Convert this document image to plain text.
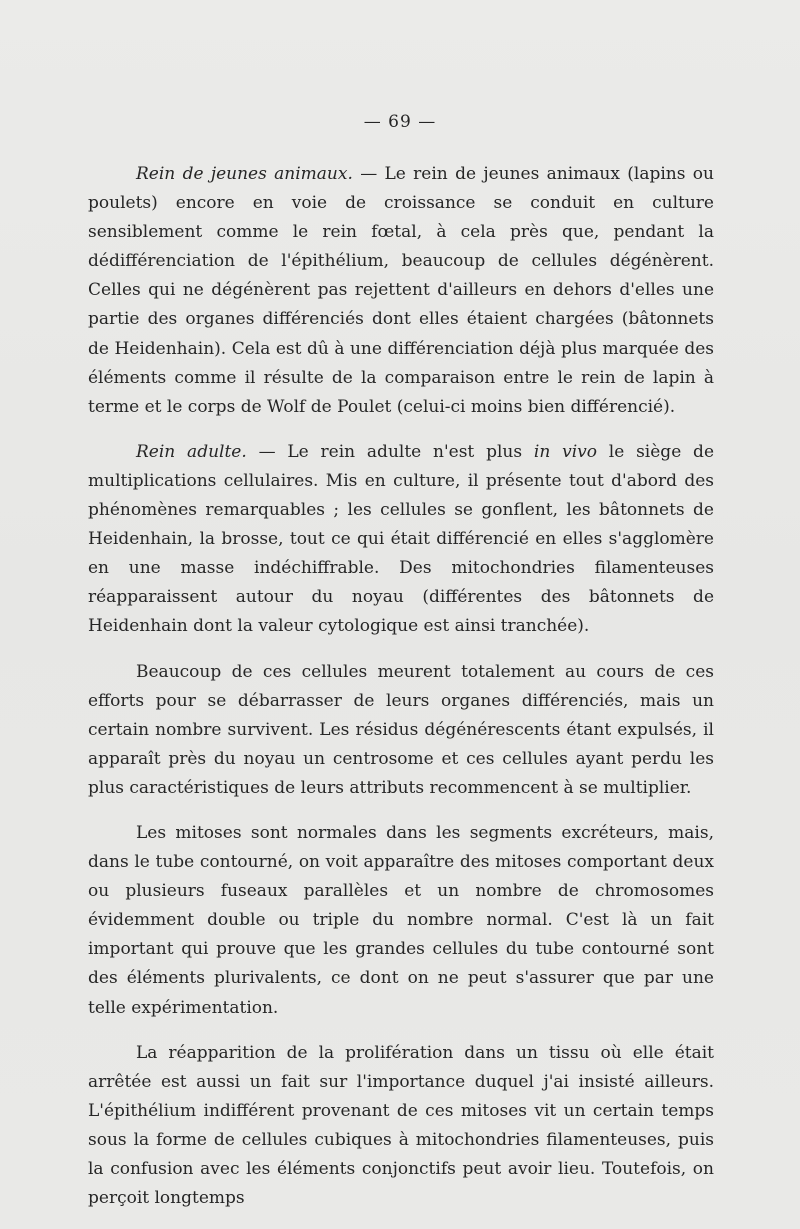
— 69 —

Rein de jeunes animaux. — Le rein de jeunes animaux (lapins ou poulets) encore en voie de croissance se conduit en culture sensiblement comme le rein fœtal, à cela près que, pendant la dédifférenciation de l'épithélium, beaucoup de cellules dégénèrent. Celles qui ne dégénèrent pas rejettent d'ailleurs en dehors d'elles une partie des organes différenciés dont elles étaient chargées (bâtonnets de Heidenhain). Cela est dû à une différenciation déjà plus marquée des éléments comme il résulte de la comparaison entre le rein de lapin à terme et le corps de Wolf de Poulet (celui-ci moins bien différencié).

Rein adulte. — Le rein adulte n'est plus in vivo le siège de multiplications cellulaires. Mis en culture, il présente tout d'abord des phénomènes remarquables ; les cellules se gonflent, les bâtonnets de Heidenhain, la brosse, tout ce qui était différencié en elles s'agglomère en une masse indéchiffrable. Des mitochondries filamenteuses réapparaissent autour du noyau (différentes des bâtonnets de Heidenhain dont la valeur cytologique est ainsi tranchée).

Beaucoup de ces cellules meurent totalement au cours de ces efforts pour se débarrasser de leurs organes différenciés, mais un certain nombre survivent. Les résidus dégénérescents étant expulsés, il apparaît près du noyau un centrosome et ces cellules ayant perdu les plus caractéristiques de leurs attributs recommencent à se multiplier.

Les mitoses sont normales dans les segments excréteurs, mais, dans le tube contourné, on voit apparaître des mitoses comportant deux ou plusieurs fuseaux parallèles et un nombre de chromosomes évidemment double ou triple du nombre normal. C'est là un fait important qui prouve que les grandes cellules du tube contourné sont des éléments plurivalents, ce dont on ne peut s'assurer que par une telle expérimentation.

La réapparition de la prolifération dans un tissu où elle était arrêtée est aussi un fait sur l'importance duquel j'ai insisté ailleurs. L'épithélium indifférent provenant de ces mitoses vit un certain temps sous la forme de cellules cubiques à mitochondries filamenteuses, puis la confusion avec les éléments conjonctifs peut avoir lieu. Toutefois, on perçoit longtemps
